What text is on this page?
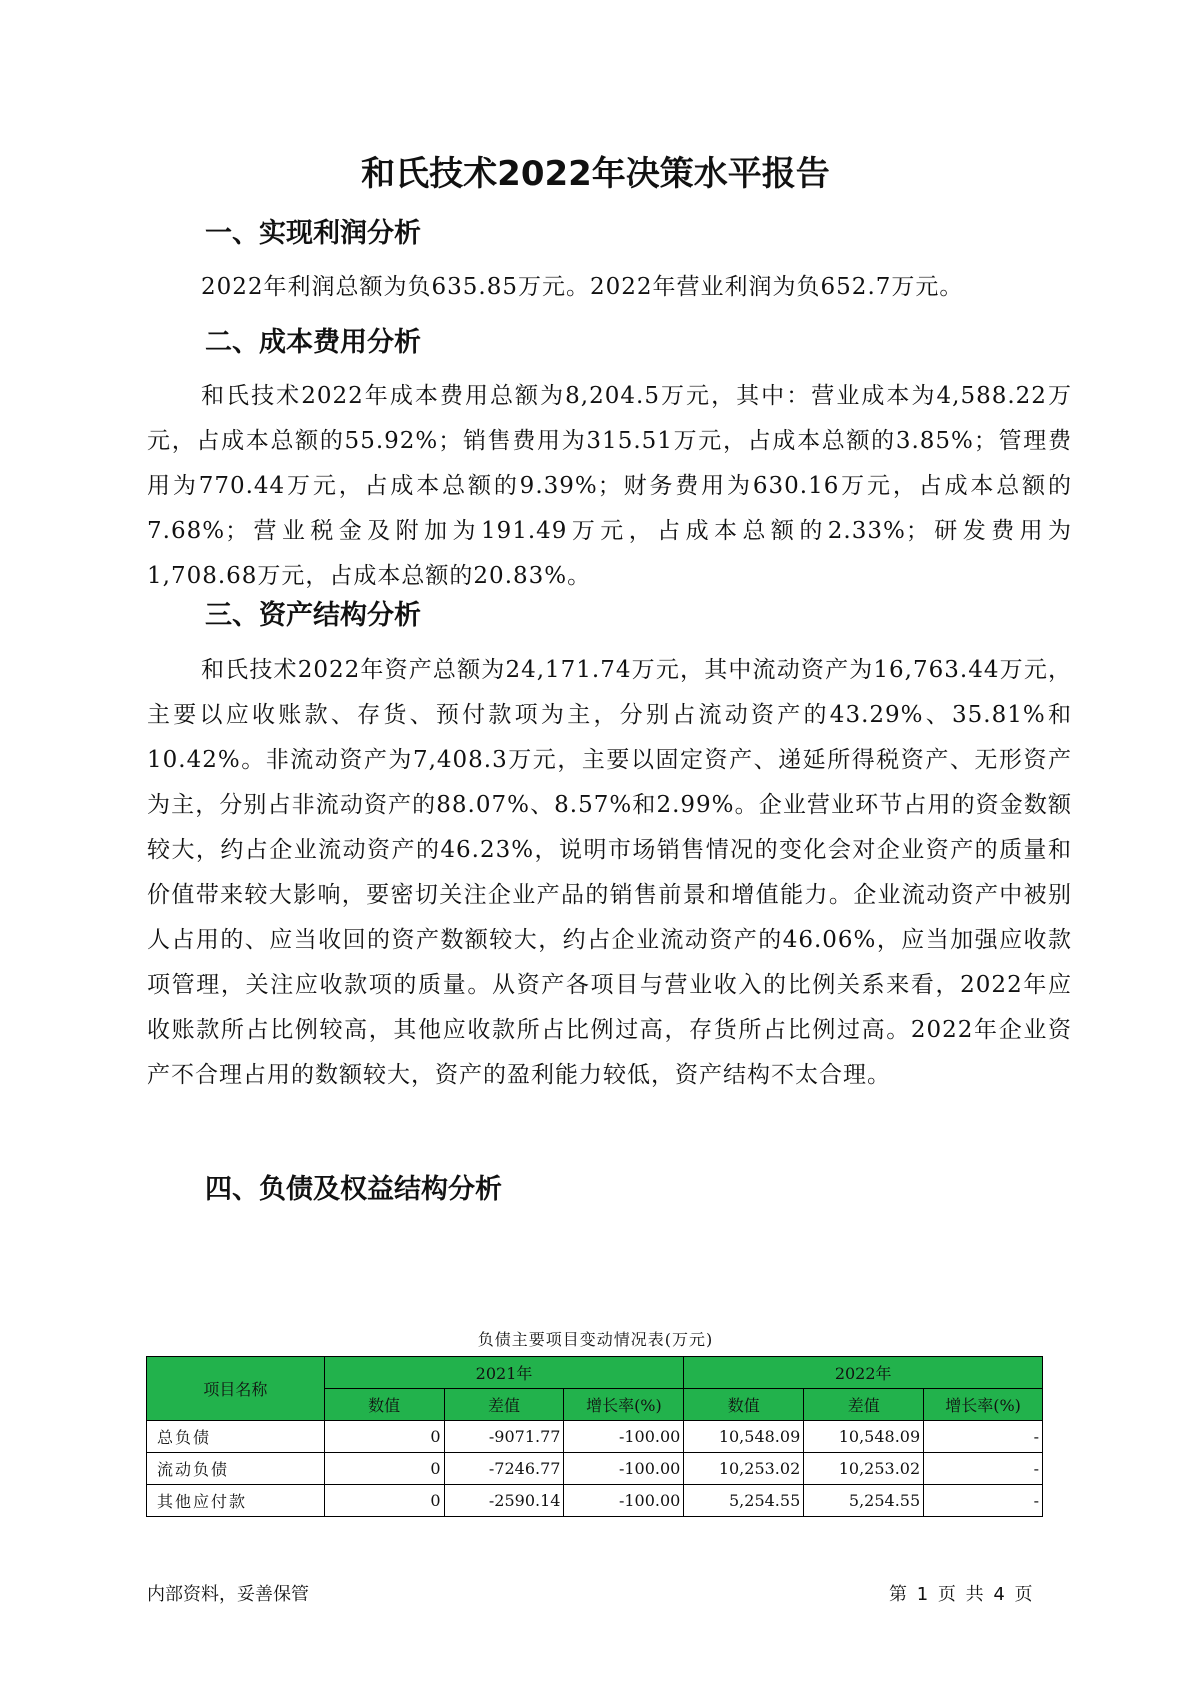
和氏技术2022年决策水平报告
一、实现利润分析
2022年利润总额为负635.85万元。2022年营业利润为负652.7万元。
二、成本费用分析
和氏技术2022年成本费用总额为8,204.5万元，其中：营业成本为4,588.22万元，占成本总额的55.92%；销售费用为315.51万元，占成本总额的3.85%；管理费用为770.44万元，占成本总额的9.39%；财务费用为630.16万元，占成本总额的7.68%；营业税金及附加为191.49万元，占成本总额的2.33%；研发费用为1,708.68万元，占成本总额的20.83%。
三、资产结构分析
和氏技术2022年资产总额为24,171.74万元，其中流动资产为16,763.44万元，主要以应收账款、存货、预付款项为主，分别占流动资产的43.29%、35.81%和10.42%。非流动资产为7,408.3万元，主要以固定资产、递延所得税资产、无形资产为主，分别占非流动资产的88.07%、8.57%和2.99%。企业营业环节占用的资金数额较大，约占企业流动资产的46.23%，说明市场销售情况的变化会对企业资产的质量和价值带来较大影响，要密切关注企业产品的销售前景和增值能力。企业流动资产中被别人占用的、应当收回的资产数额较大，约占企业流动资产的46.06%，应当加强应收款项管理，关注应收款项的质量。从资产各项目与营业收入的比例关系来看，2022年应收账款所占比例较高，其他应收款所占比例过高，存货所占比例过高。2022年企业资产不合理占用的数额较大，资产的盈利能力较低，资产结构不太合理。
四、负债及权益结构分析
负债主要项目变动情况表(万元)
项目名称	2021年			2022年		
	数值	差值	增长率(%)	数值	差值	增长率(%)
总负债	0	-9071.77	-100.00	10,548.09	10,548.09	-
流动负债	0	-7246.77	-100.00	10,253.02	10,253.02	-
其他应付款	0	-2590.14	-100.00	5,254.55	5,254.55	-
内部资料，妥善保管	第 1 页 共 4 页
